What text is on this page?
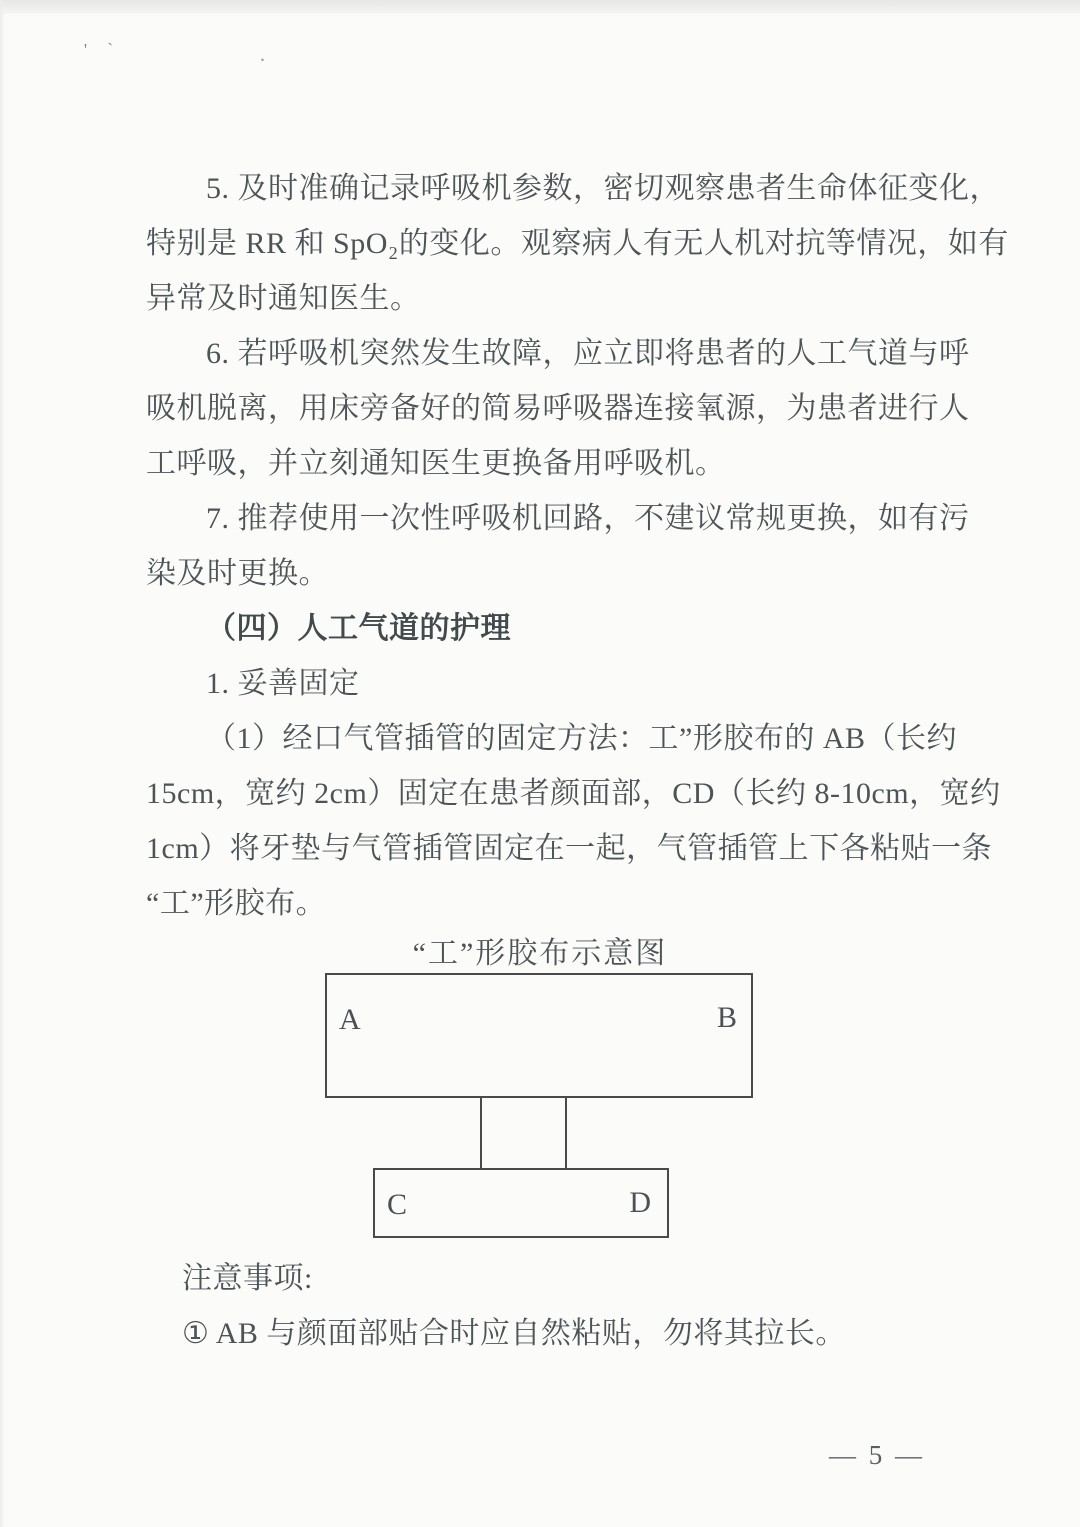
' `	.
5. 及时准确记录呼吸机参数，密切观察患者生命体征变化，
特别是 RR 和 SpO₂的变化。观察病人有无人机对抗等情况，如有
异常及时通知医生。
6. 若呼吸机突然发生故障，应立即将患者的人工气道与呼
吸机脱离，用床旁备好的简易呼吸器连接氧源，为患者进行人
工呼吸，并立刻通知医生更换备用呼吸机。
7. 推荐使用一次性呼吸机回路，不建议常规更换，如有污
染及时更换。
（四）人工气道的护理
1. 妥善固定
（1）经口气管插管的固定方法：工”形胶布的 AB（长约
15cm，宽约 2cm）固定在患者颜面部，CD（长约 8-10cm，宽约
1cm）将牙垫与气管插管固定在一起，气管插管上下各粘贴一条
“工”形胶布。
“工”形胶布示意图
A	B
C	D
注意事项:
① AB 与颜面部贴合时应自然粘贴，勿将其拉长。
— 5 —
